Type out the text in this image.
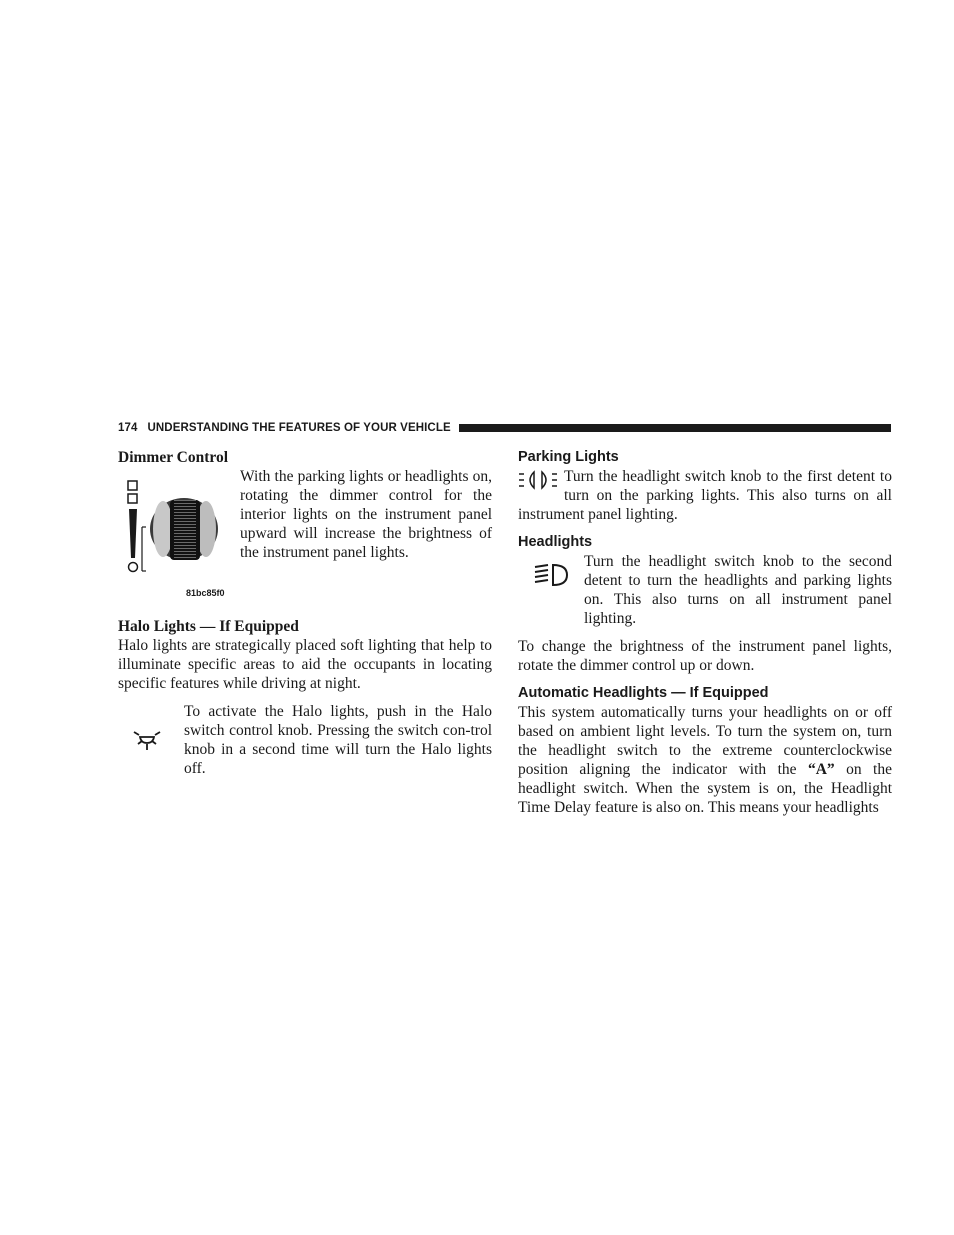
174 UNDERSTANDING THE FEATURES OF YOUR VEHICLE
Dimmer Control
81bc85f0

With the parking lights or headlights on, rotating the dimmer control for the interior lights on the instrument panel upward will increase the brightness of the instrument panel lights.

Halo Lights — If Equipped

Halo lights are strategically placed soft lighting that help to illuminate specific areas to aid the occupants in locating specific features while driving at night.

To activate the Halo lights, push in the Halo switch control knob. Pressing the switch con-trol knob in a second time will turn the Halo lights off.

Parking Lights

Turn the headlight switch knob to the first detent to turn on the parking lights. This also turns on all instrument panel lighting.

Headlights

Turn the headlight switch knob to the second detent to turn the headlights and parking lights on. This also turns on all instrument panel lighting.

To change the brightness of the instrument panel lights, rotate the dimmer control up or down.

Automatic Headlights — If Equipped

This system automatically turns your headlights on or off based on ambient light levels. To turn the system on, turn the headlight switch to the extreme counterclockwise position aligning the indicator with the “A” on the headlight switch. When the system is on, the Headlight Time Delay feature is also on. This means your headlights
